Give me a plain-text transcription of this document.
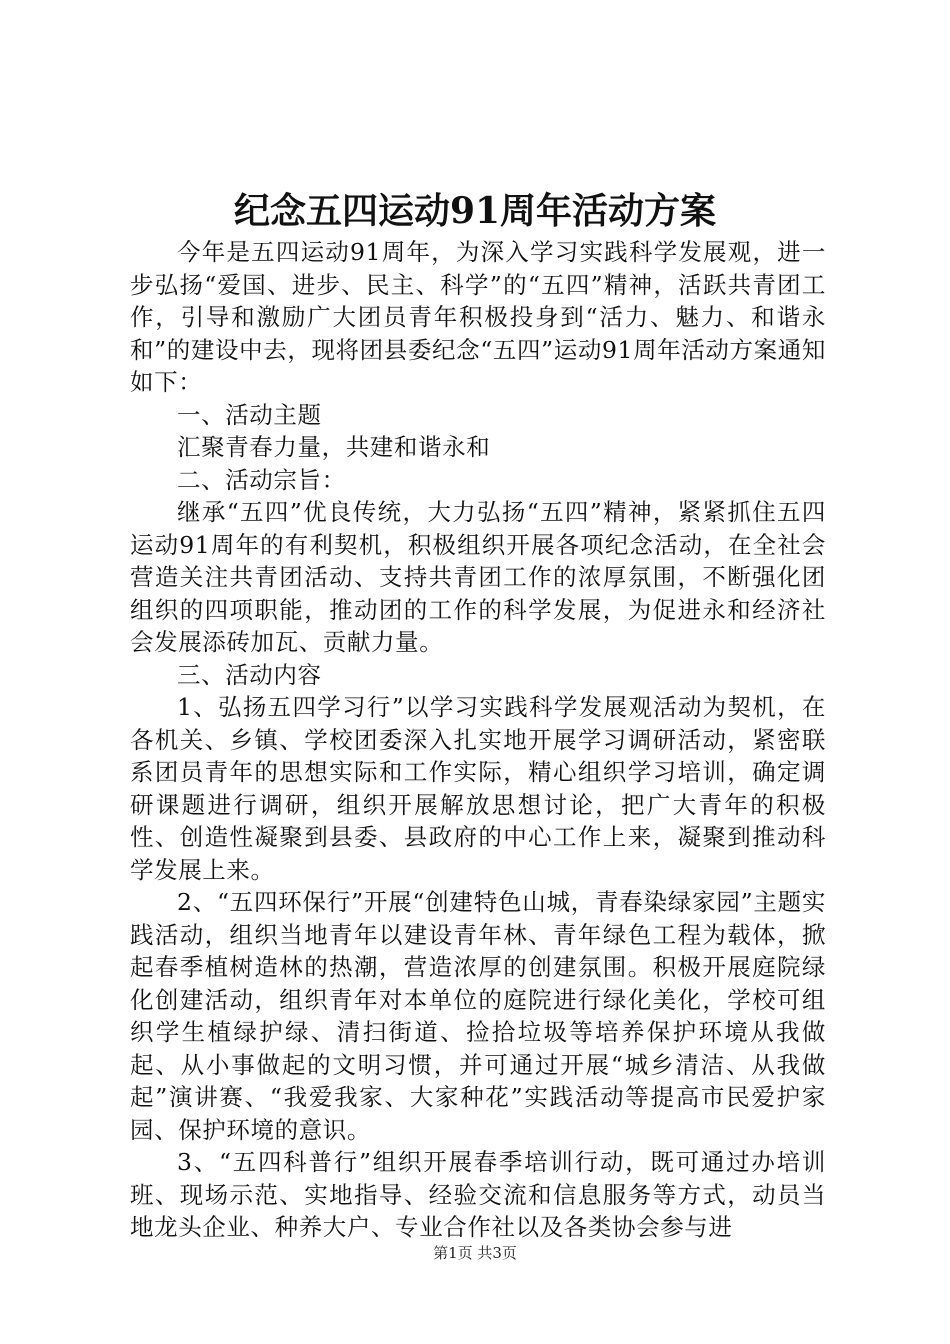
纪念五四运动91周年活动方案

今年是五四运动91周年，为深入学习实践科学发展观，进一步弘扬“爱国、进步、民主、科学”的“五四”精神，活跃共青团工作，引导和激励广大团员青年积极投身到“活力、魅力、和谐永和”的建设中去，现将团县委纪念“五四”运动91周年活动方案通知如下：

一、活动主题

汇聚青春力量，共建和谐永和

二、活动宗旨：

继承“五四”优良传统，大力弘扬“五四”精神，紧紧抓住五四运动91周年的有利契机，积极组织开展各项纪念活动，在全社会营造关注共青团活动、支持共青团工作的浓厚氛围，不断强化团组织的四项职能，推动团的工作的科学发展，为促进永和经济社会发展添砖加瓦、贡献力量。

三、活动内容

1、弘扬五四学习行”以学习实践科学发展观活动为契机，在各机关、乡镇、学校团委深入扎实地开展学习调研活动，紧密联系团员青年的思想实际和工作实际，精心组织学习培训，确定调研课题进行调研，组织开展解放思想讨论，把广大青年的积极性、创造性凝聚到县委、县政府的中心工作上来，凝聚到推动科学发展上来。

2、“五四环保行”开展“创建特色山城，青春染绿家园”主题实践活动，组织当地青年以建设青年林、青年绿色工程为载体，掀起春季植树造林的热潮，营造浓厚的创建氛围。积极开展庭院绿化创建活动，组织青年对本单位的庭院进行绿化美化，学校可组织学生植绿护绿、清扫街道、捡拾垃圾等培养保护环境从我做起、从小事做起的文明习惯，并可通过开展“城乡清洁、从我做起”演讲赛、“我爱我家、大家种花”实践活动等提高市民爱护家园、保护环境的意识。

3、“五四科普行”组织开展春季培训行动，既可通过办培训班、现场示范、实地指导、经验交流和信息服务等方式，动员当地龙头企业、种养大户、专业合作社以及各类协会参与进

第1页 共3页
